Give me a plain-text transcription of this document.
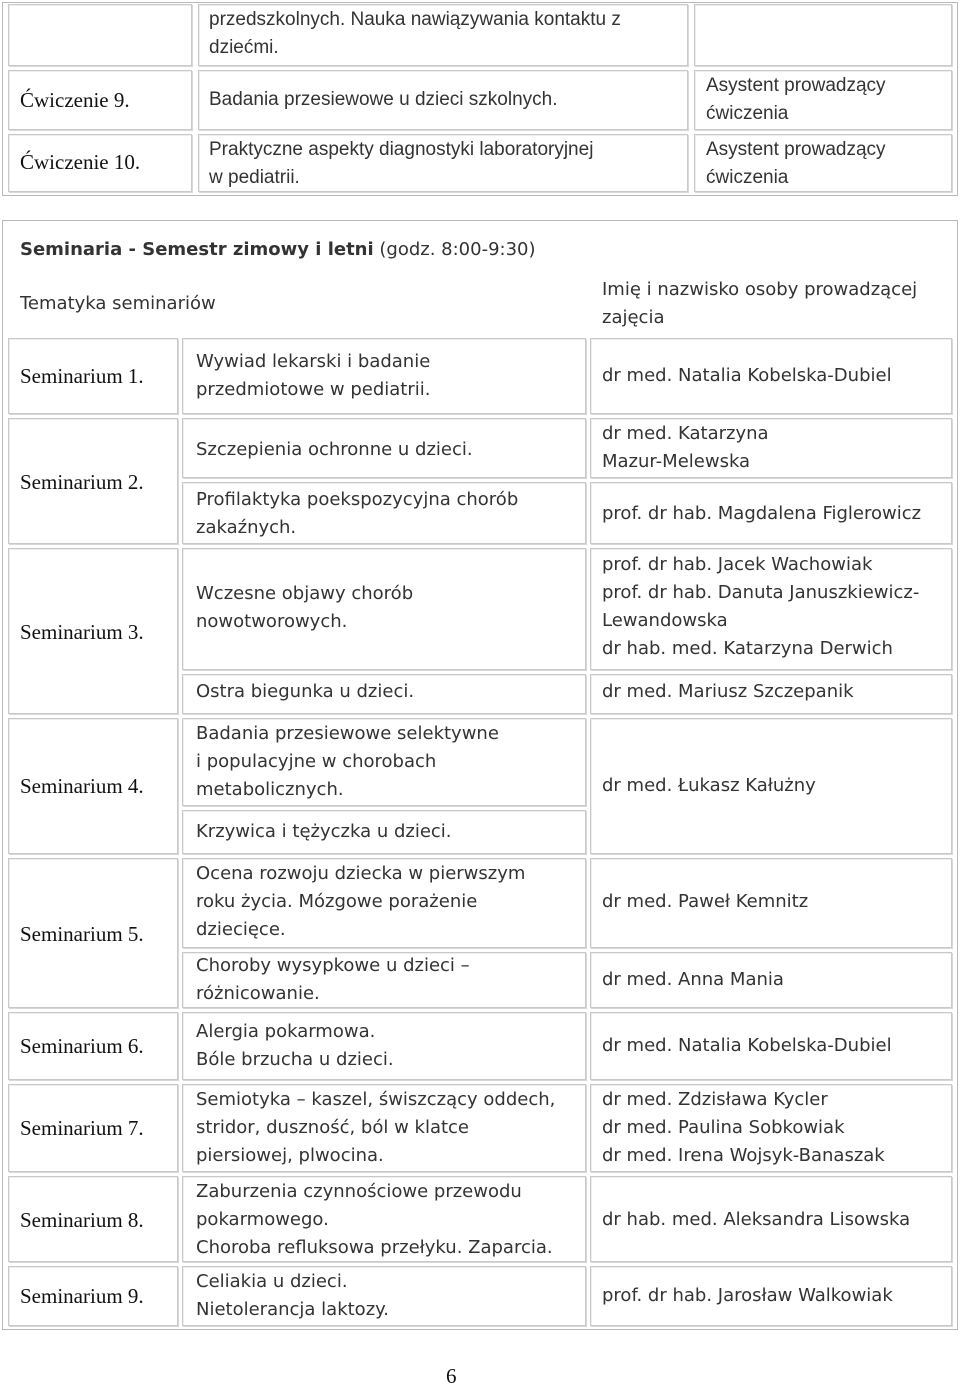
przedszkolnych. Nauka nawiązywania kontaktu z
dziećmi.
Ćwiczenie 9.	Badania przesiewowe u dzieci szkolnych.
Asystent prowadzący
ćwiczenia
Ćwiczenie 10.
Praktyczne aspekty diagnostyki laboratoryjnej
w pediatrii.
Asystent prowadzący
ćwiczenia
Seminaria - Semestr zimowy i letni (godz. 8:00-9:30)
Tematyka seminariów
Imię i nazwisko osoby prowadzącej
zajęcia
Seminarium 1.
Seminarium 2.
Seminarium 3.
Seminarium 4.
Seminarium 5.
Seminarium 6.
Seminarium 7.
Seminarium 8.
Seminarium 9.
Wywiad lekarski i badanie
przedmiotowe w pediatrii.
Szczepienia ochronne u dzieci.
Profilaktyka poekspozycyjna chorób
zakaźnych.
Wczesne objawy chorób
nowotworowych.
Ostra biegunka u dzieci.
Badania przesiewowe selektywne
i populacyjne w chorobach
metabolicznych.
Krzywica i tężyczka u dzieci.
Ocena rozwoju dziecka w pierwszym
roku życia. Mózgowe porażenie
dziecięce.
Choroby wysypkowe u dzieci –
różnicowanie.
Alergia pokarmowa.
Bóle brzucha u dzieci.
Semiotyka – kaszel, świszczący oddech,
stridor, duszność, ból w klatce
piersiowej, plwocina.
Zaburzenia czynnościowe przewodu
pokarmowego.
Choroba refluksowa przełyku. Zaparcia.
Celiakia u dzieci.
Nietolerancja laktozy.
dr med. Natalia Kobelska-Dubiel
dr med. Katarzyna
Mazur-Melewska
prof. dr hab. Magdalena Figlerowicz
prof. dr hab. Jacek Wachowiak
prof. dr hab. Danuta Januszkiewicz-
Lewandowska
dr hab. med. Katarzyna Derwich
dr med. Mariusz Szczepanik
dr med. Łukasz Kałużny
dr med. Paweł Kemnitz
dr med. Anna Mania
dr med. Natalia Kobelska-Dubiel
dr med. Zdzisława Kycler
dr med. Paulina Sobkowiak
dr med. Irena Wojsyk-Banaszak
dr hab. med. Aleksandra Lisowska
prof. dr hab. Jarosław Walkowiak
6
